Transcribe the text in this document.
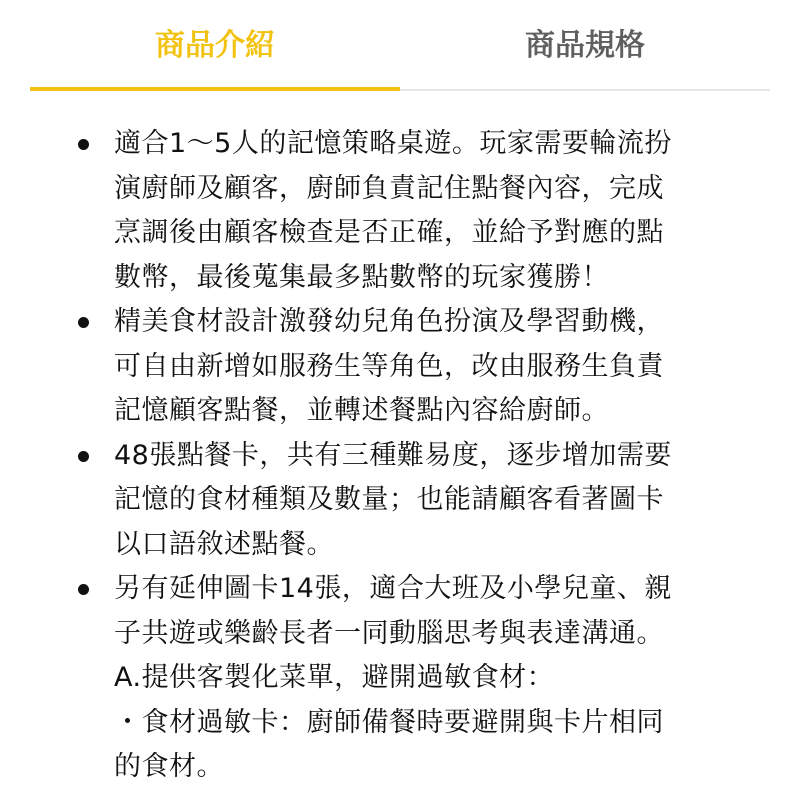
商品介紹	商品規格
適合1～5人的記憶策略桌遊。玩家需要輪流扮
演廚師及顧客，廚師負責記住點餐內容，完成
烹調後由顧客檢查是否正確，並給予對應的點
數幣，最後蒐集最多點數幣的玩家獲勝！
精美食材設計激發幼兒角色扮演及學習動機，
可自由新增如服務生等角色，改由服務生負責
記憶顧客點餐，並轉述餐點內容給廚師。
48張點餐卡，共有三種難易度，逐步增加需要
記憶的食材種類及數量；也能請顧客看著圖卡
以口語敘述點餐。
另有延伸圖卡14張，適合大班及小學兒童、親
子共遊或樂齡長者一同動腦思考與表達溝通。
A.提供客製化菜單，避開過敏食材：
・食材過敏卡：廚師備餐時要避開與卡片相同
的食材。
